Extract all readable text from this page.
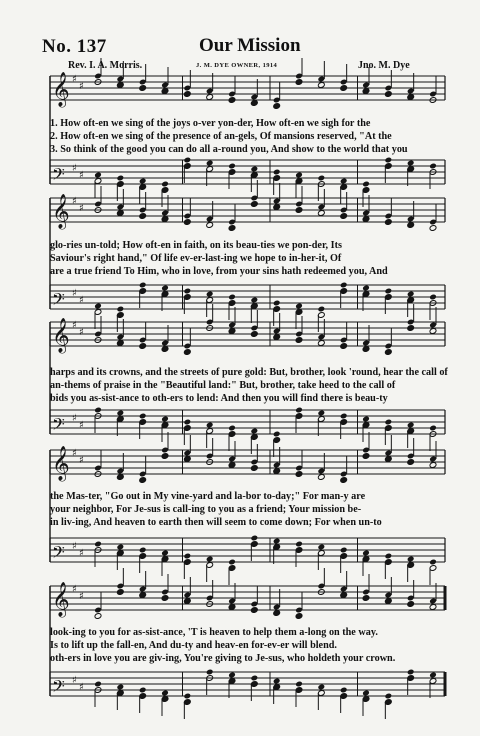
No. 137	Our Mission
Rev. I. A. Morris.	J. M. DYE OWNER, 1914	Jno. M. Dye
𝄞 ♯
♯
𝄢 ♯
♯
𝄞 ♯
♯
𝄢 ♯
♯
𝄞 ♯
♯
𝄢 ♯
♯
𝄞 ♯
♯
𝄢 ♯
♯
𝄞 ♯
♯
𝄢 ♯
♯
1. How oft-en we sing of the joys o-ver yon-der, How oft-en we sigh for the
2. How oft-en we sing of the presence of an-gels, Of mansions reserved, "At the
3. So think of the good you can do all a-round you, And show to the world that you
glo-ries un-told; How oft-en in faith, on its beau-ties we pon-der, Its
Saviour's right hand," Of life ev-er-last-ing we hope to in-her-it, Of
are a true friend To Him, who in love, from your sins hath redeemed you, And
harps and its crowns, and the streets of pure gold: But, brother, look 'round, hear the call of
an-thems of praise in the "Beautiful land:" But, brother, take heed to the call of
bids you as-sist-ance to oth-ers to lend: And then you will find there is beau-ty
the Mas-ter, "Go out in My vine-yard and la-bor to-day;" For man-y are
your neighbor, For Je-sus is call-ing to you as a friend; Your mission be-
in liv-ing, And heaven to earth then will seem to come down; For when un-to
look-ing to you for as-sist-ance, 'T is heaven to help them a-long on the way.
Is to lift up the fall-en, And du-ty and heav-en for-ev-er will blend.
oth-ers in love you are giv-ing, You're giving to Je-sus, who holdeth your crown.
